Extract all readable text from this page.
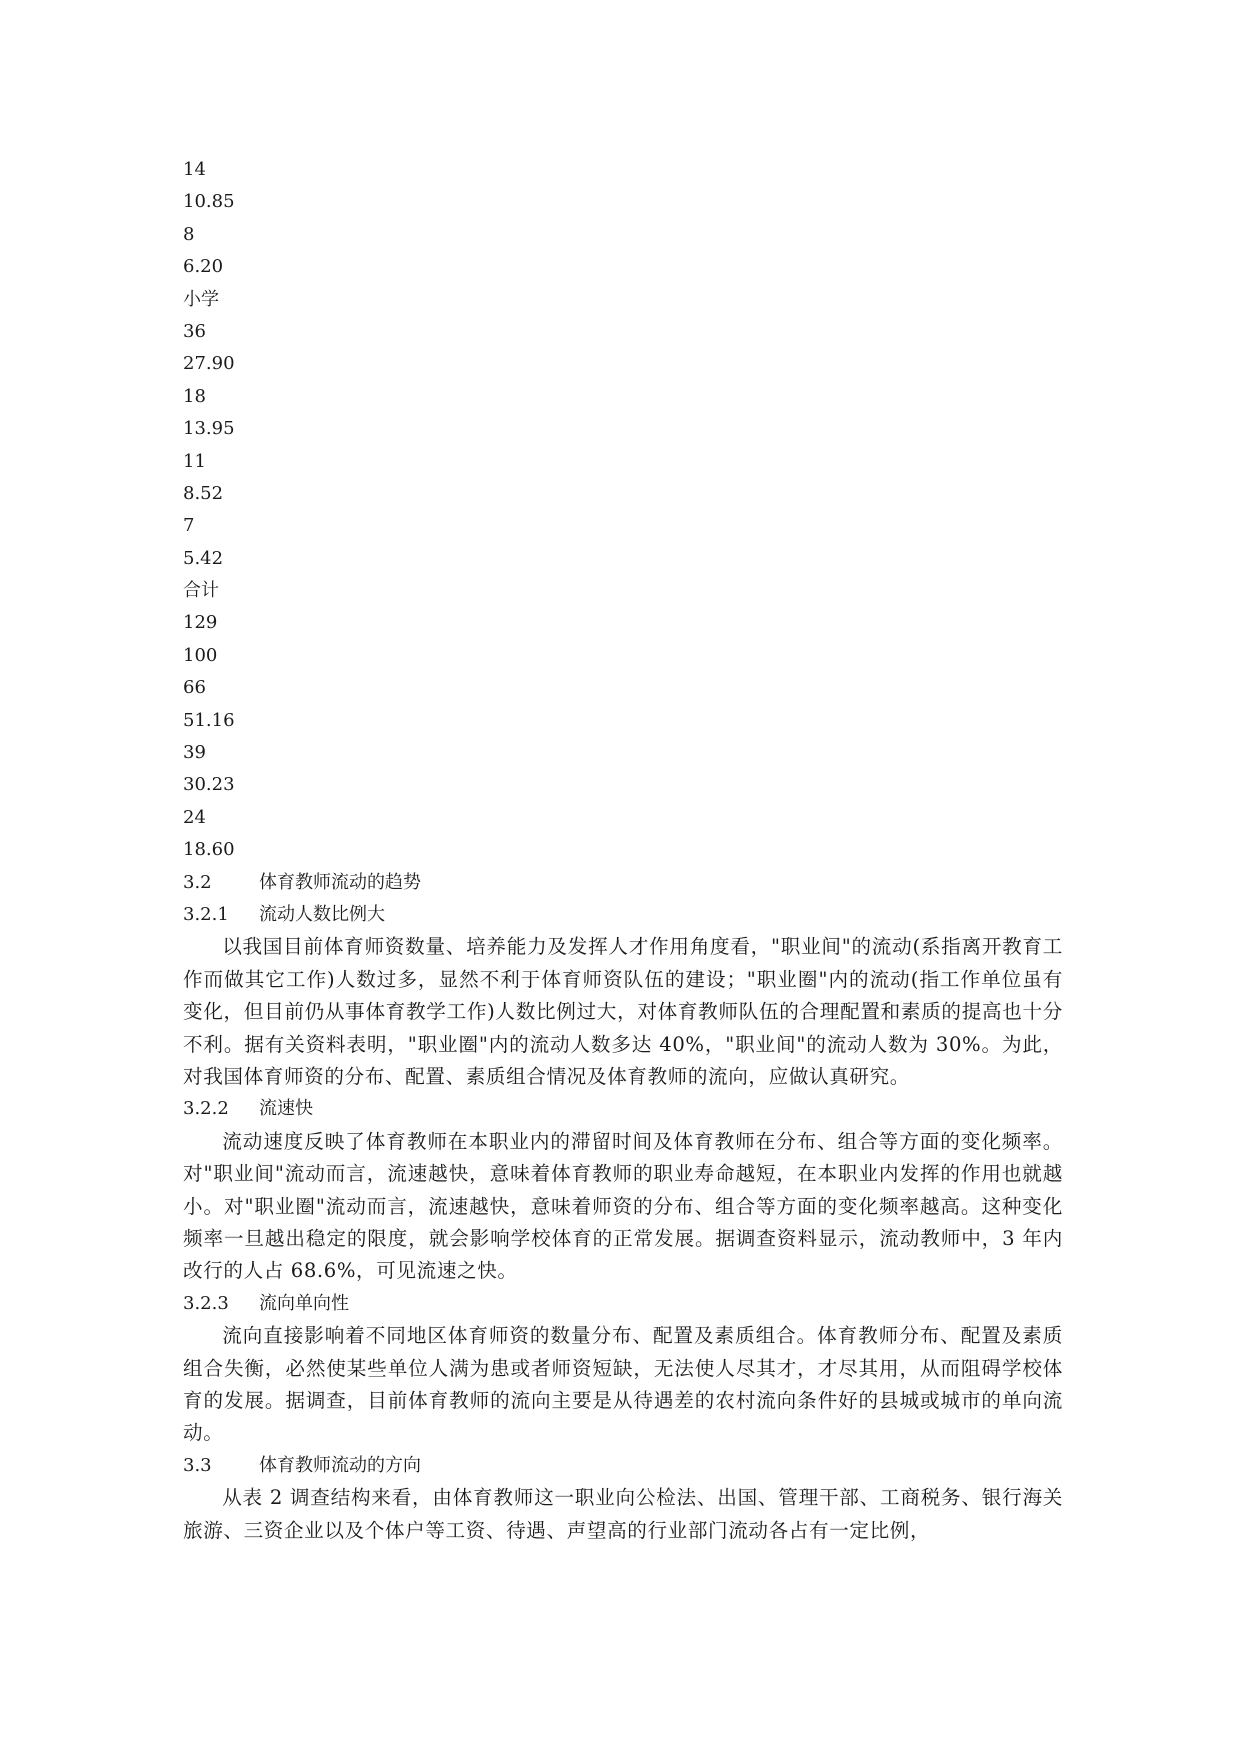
14
10.85
8
6.20
小学
36
27.90
18
13.95
11
8.52
7
5.42
合计
129
100
66
51.16
39
30.23
24
18.60
3.2	体育教师流动的趋势
3.2.1 流动人数比例大

以我国目前体育师资数量、培养能力及发挥人才作用角度看，"职业间"的流动(系指离开教育工作而做其它工作)人数过多，显然不利于体育师资队伍的建设；"职业圈"内的流动(指工作单位虽有变化，但目前仍从事体育教学工作)人数比例过大，对体育教师队伍的合理配置和素质的提高也十分不利。据有关资料表明，"职业圈"内的流动人数多达 40%，"职业间"的流动人数为 30%。为此，对我国体育师资的分布、配置、素质组合情况及体育教师的流向，应做认真研究。

3.2.2 流速快

流动速度反映了体育教师在本职业内的滞留时间及体育教师在分布、组合等方面的变化频率。对"职业间"流动而言，流速越快，意味着体育教师的职业寿命越短，在本职业内发挥的作用也就越小。对"职业圈"流动而言，流速越快，意味着师资的分布、组合等方面的变化频率越高。这种变化频率一旦越出稳定的限度，就会影响学校体育的正常发展。据调查资料显示，流动教师中，3 年内改行的人占 68.6%，可见流速之快。

3.2.3 流向单向性

流向直接影响着不同地区体育师资的数量分布、配置及素质组合。体育教师分布、配置及素质组合失衡，必然使某些单位人满为患或者师资短缺，无法使人尽其才，才尽其用，从而阻碍学校体育的发展。据调查，目前体育教师的流向主要是从待遇差的农村流向条件好的县城或城市的单向流动。

3.3	体育教师流动的方向

从表 2 调查结构来看，由体育教师这一职业向公检法、出国、管理干部、工商税务、银行海关旅游、三资企业以及个体户等工资、待遇、声望高的行业部门流动各占有一定比例，
